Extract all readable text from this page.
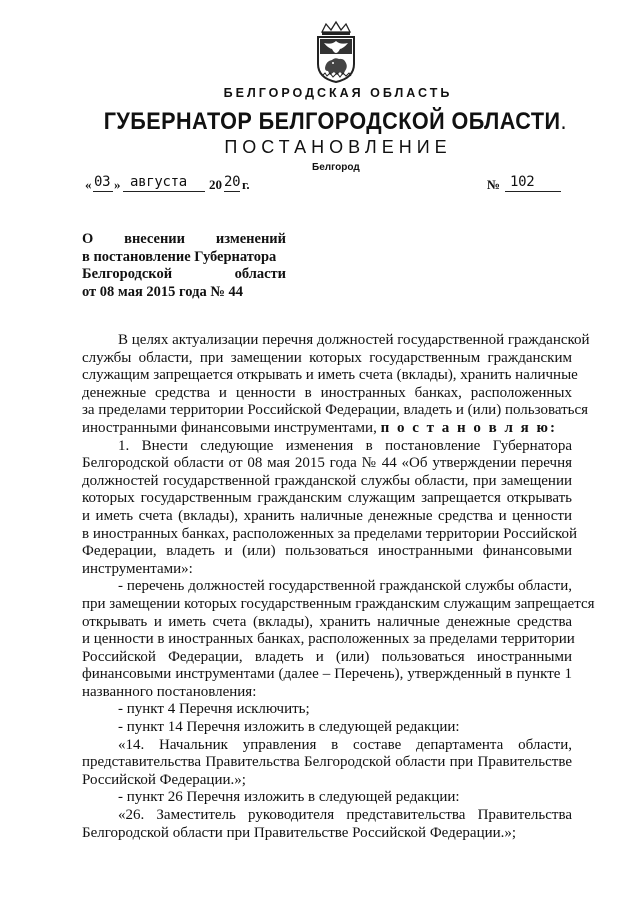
БЕЛГОРОДСКАЯ ОБЛАСТЬ
ГУБЕРНАТОР БЕЛГОРОДСКОЙ ОБЛАСТИ.
ПОСТАНОВЛЕНИЕ
Белгород
« 03 » августа 20 20 г.	№ 102
О внесении изменений
в постановление Губернатора
Белгородской	области
от 08 мая 2015 года № 44
В целях актуализации перечня должностей государственной гражданской
службы области, при замещении которых государственным гражданским
служащим запрещается открывать и иметь счета (вклады), хранить наличные
денежные средства и ценности в иностранных банках, расположенных
за пределами территории Российской Федерации, владеть и (или) пользоваться
иностранными финансовыми инструментами, п о с т а н о в л я ю:
1. Внести следующие изменения в постановление Губернатора
Белгородской области от 08 мая 2015 года № 44 «Об утверждении перечня
должностей государственной гражданской службы области, при замещении
которых государственным гражданским служащим запрещается открывать
и иметь счета (вклады), хранить наличные денежные средства и ценности
в иностранных банках, расположенных за пределами территории Российской
Федерации, владеть и (или) пользоваться иностранными финансовыми
инструментами»:
- перечень должностей государственной гражданской службы области,
при замещении которых государственным гражданским служащим запрещается
открывать и иметь счета (вклады), хранить наличные денежные средства
и ценности в иностранных банках, расположенных за пределами территории
Российской Федерации, владеть и (или) пользоваться иностранными
финансовыми инструментами (далее – Перечень), утвержденный в пункте 1
названного постановления:
- пункт 4 Перечня исключить;
- пункт 14 Перечня изложить в следующей редакции:
«14. Начальник управления в составе департамента области,
представительства Правительства Белгородской области при Правительстве
Российской Федерации.»;
- пункт 26 Перечня изложить в следующей редакции:
«26. Заместитель руководителя представительства Правительства
Белгородской области при Правительстве Российской Федерации.»;
